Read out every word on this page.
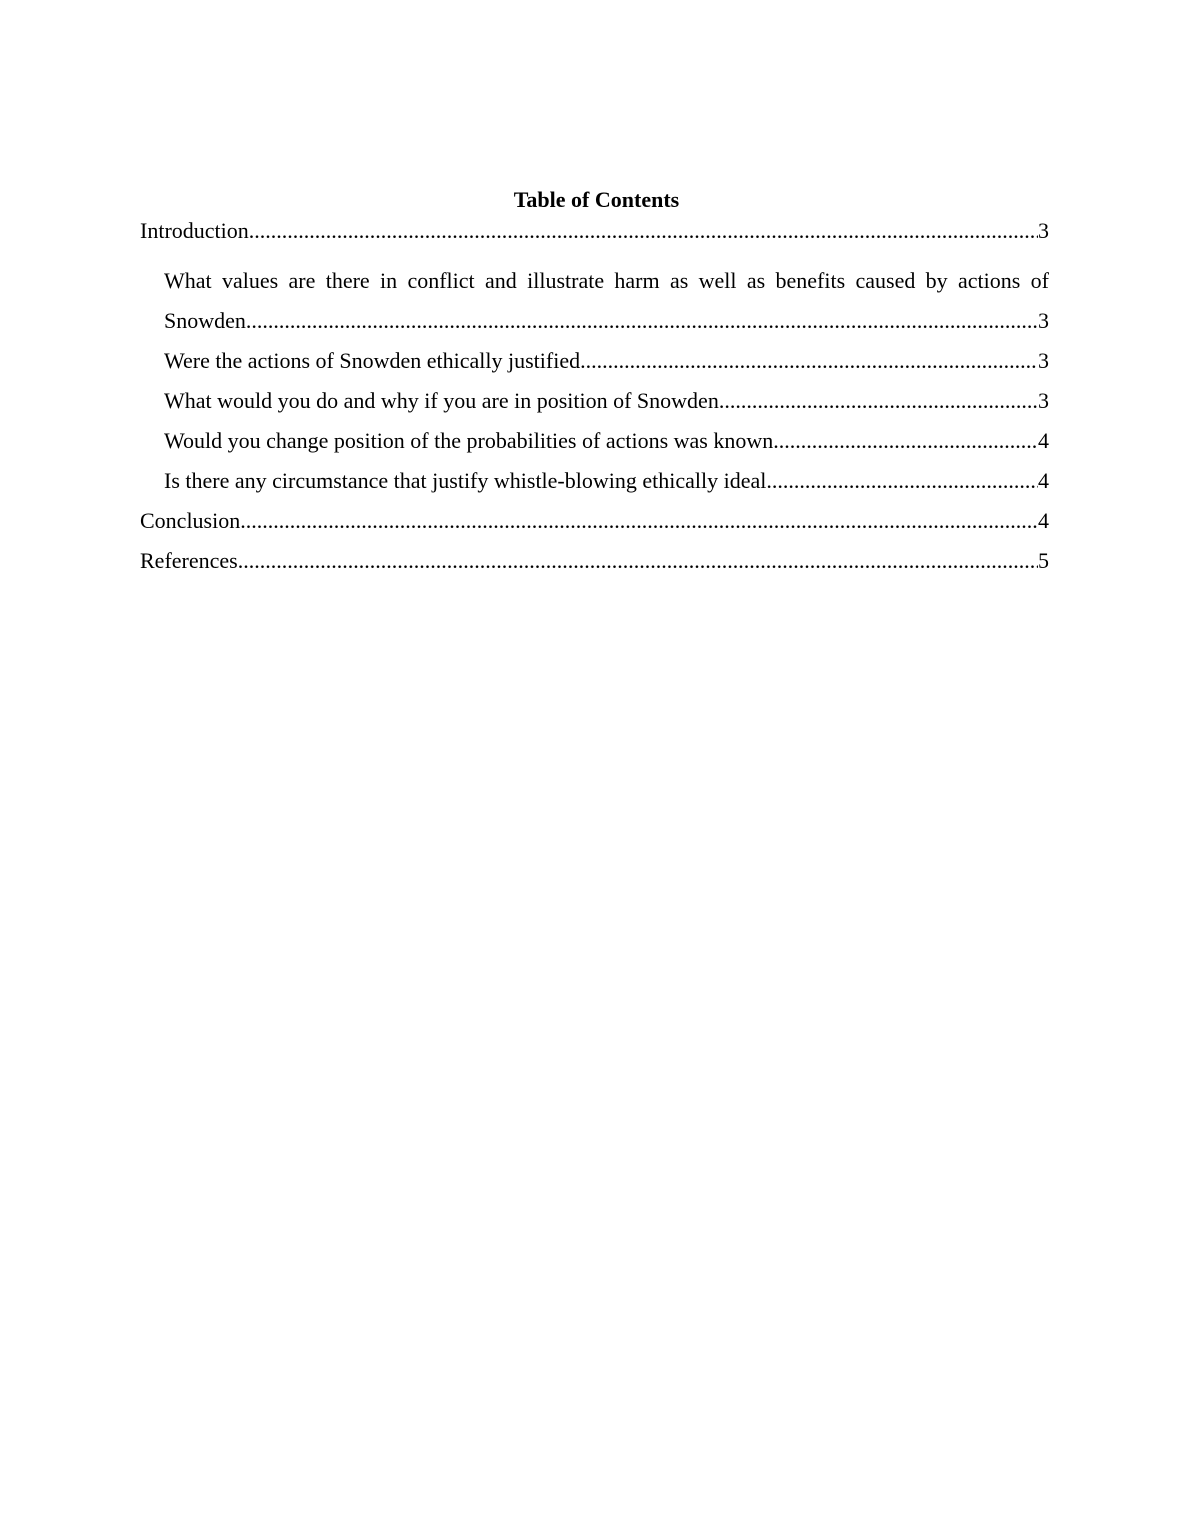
Table of Contents
Introduction .....	3
What values are there in conflict and illustrate harm as well as benefits caused by actions of
Snowden .....	3
Were the actions of Snowden ethically justified .....	3
What would you do and why if you are in position of Snowden .....	3
Would you change position of the probabilities of actions was known .....	4
Is there any circumstance that justify whistle-blowing ethically ideal .....	4
Conclusion .....	4
References .....	5
